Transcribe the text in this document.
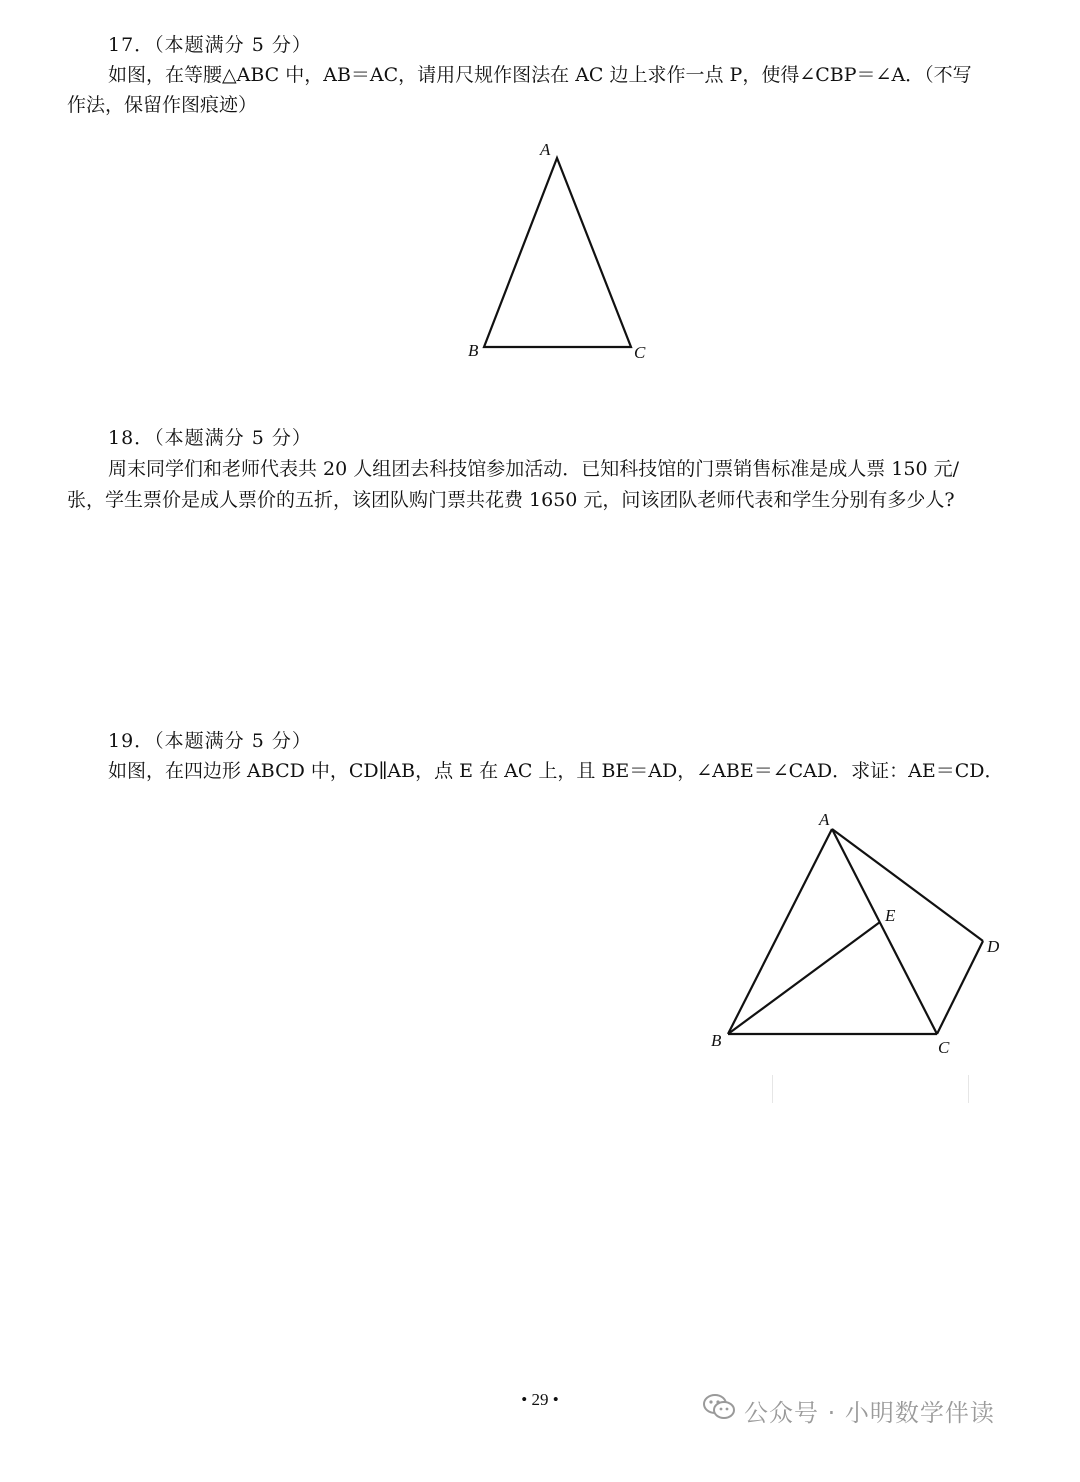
17．（本题满分 5 分）
如图，在等腰△ABC 中，AB＝AC，请用尺规作图法在 AC 边上求作一点 P，使得∠CBP＝∠A．（不写
作法，保留作图痕迹）
A
B	C
18．（本题满分 5 分）
周末同学们和老师代表共 20 人组团去科技馆参加活动．已知科技馆的门票销售标准是成人票 150 元/
张，学生票价是成人票价的五折，该团队购门票共花费 1650 元，问该团队老师代表和学生分别有多少人?
19．（本题满分 5 分）
如图，在四边形 ABCD 中，CD∥AB，点 E 在 AC 上，且 BE＝AD，∠ABE＝∠CAD．求证：AE＝CD．
A
B	C
D
E
• 29 •	公众号 · 小明数学伴读
